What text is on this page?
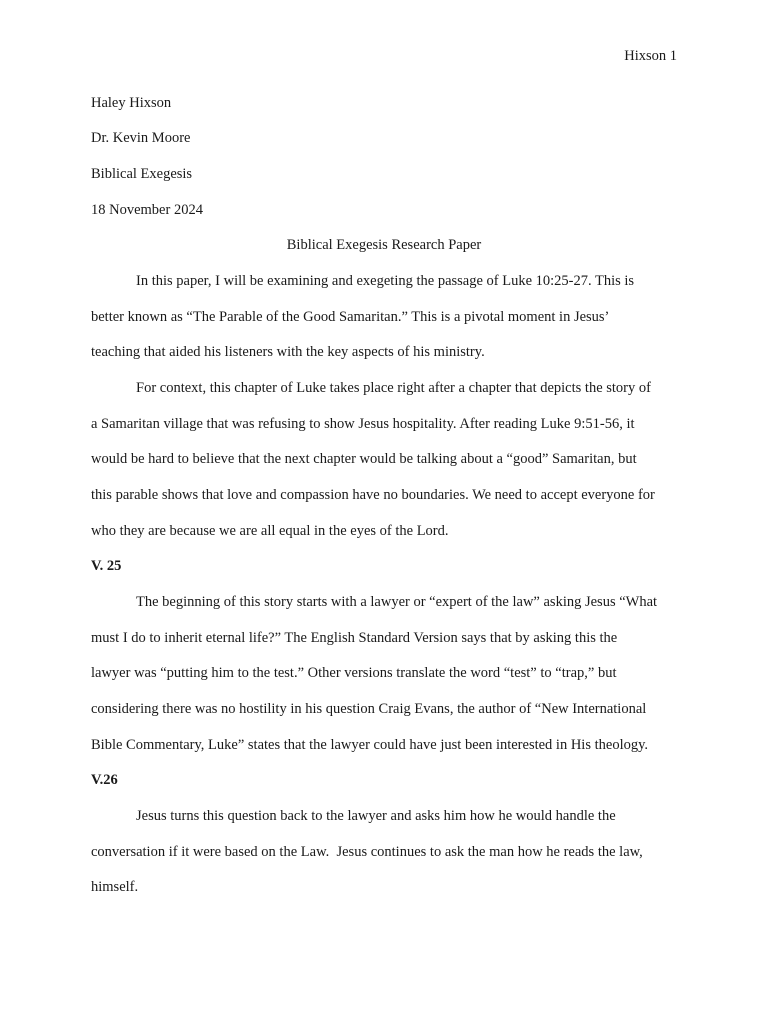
Hixson 1
Haley Hixson
Dr. Kevin Moore
Biblical Exegesis
18 November 2024
Biblical Exegesis Research Paper
In this paper, I will be examining and exegeting the passage of Luke 10:25-27. This is
better known as “The Parable of the Good Samaritan.” This is a pivotal moment in Jesus’
teaching that aided his listeners with the key aspects of his ministry.
For context, this chapter of Luke takes place right after a chapter that depicts the story of
a Samaritan village that was refusing to show Jesus hospitality. After reading Luke 9:51-56, it
would be hard to believe that the next chapter would be talking about a “good” Samaritan, but
this parable shows that love and compassion have no boundaries. We need to accept everyone for
who they are because we are all equal in the eyes of the Lord.
V. 25
The beginning of this story starts with a lawyer or “expert of the law” asking Jesus “What
must I do to inherit eternal life?” The English Standard Version says that by asking this the
lawyer was “putting him to the test.” Other versions translate the word “test” to “trap,” but
considering there was no hostility in his question Craig Evans, the author of “New International
Bible Commentary, Luke” states that the lawyer could have just been interested in His theology.
V.26
Jesus turns this question back to the lawyer and asks him how he would handle the
conversation if it were based on the Law.  Jesus continues to ask the man how he reads the law,
himself.
